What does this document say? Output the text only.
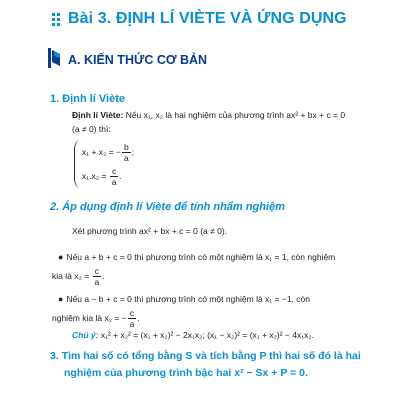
Bài 3. ĐỊNH LÍ VIÈTE VÀ ỨNG DỤNG
A. KIẾN THỨC CƠ BẢN
1. Định lí Viète
Định lí Viète: Nếu x₁, x₂ là hai nghiệm của phương trình ax² + bx + c = 0
(a ≠ 0) thì:
x₁ + x₂ = − $\frac{b}{a}$ ;
$x_1.x_2 = \frac{c}{a}$ .
2. Áp dụng định lí Viète để tính nhẩm nghiệm
Xét phương trình ax² + bx + c = 0 (a ≠ 0).
● Nếu a + b + c = 0 thì phương trình có một nghiệm là x₁ = 1, còn nghiệm
kia là $x_2 = \frac{c}{a}$ .
● Nếu a − b + c = 0 thì phương trình có một nghiệm là x₁ = −1, còn
nghiệm kia là x₂ = − $\frac{c}{a}$ .
Chú ý: x₁² + x₂² = (x₁ + x₂)² − 2x₁x₂; (x₁ − x₂)² = (x₁ + x₂)² − 4x₁x₂.
3. Tìm hai số có tổng bằng S và tích bằng P thì hai số đó là hai
nghiệm của phương trình bậc hai x² − Sx + P = 0.
